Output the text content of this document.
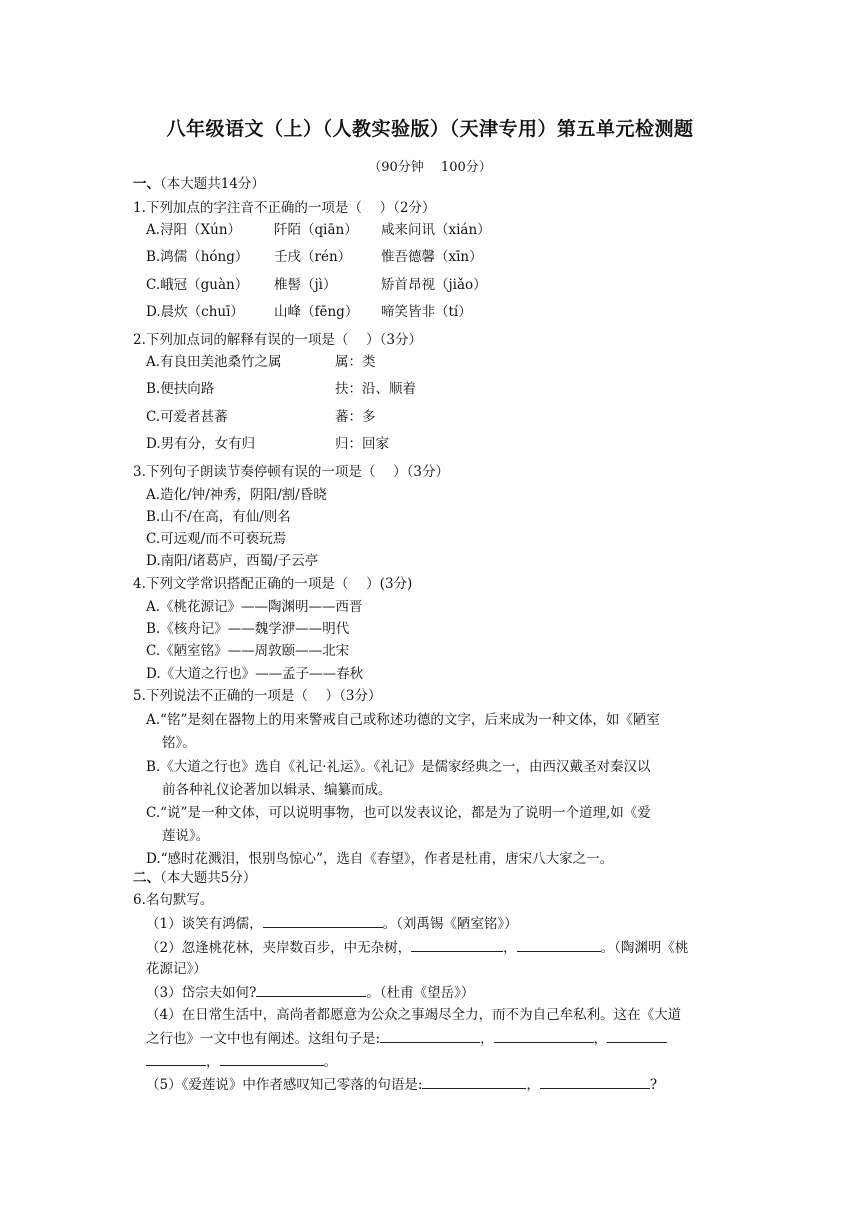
八年级语文（上）（人教实验版）（天津专用）第五单元检测题
（90分钟　 100分）
一、（本大题共14分）
1.下列加点的字注音不正确的一项是（　 ）（2分）
A.浔阳（Xún） 阡陌（qiān） 咸来问讯（xián）
B.鸿儒（hóng） 壬戌（rén） 惟吾德馨（xīn）
C.峨冠（guàn） 椎髻（jì）	矫首昂视（jiǎo）
D.晨炊（chuī） 山峰（fēng） 啼笑皆非（tí）
2.下列加点词的解释有误的一项是（　 ）（3分）
A.有良田美池桑竹之属	属：类
B.便扶向路	扶：沿、顺着
C.可爱者甚蕃	蕃：多
D.男有分，女有归	归：回家
3.下列句子朗读节奏停顿有误的一项是（　 ）（3分）
A.造化/钟/神秀，阴阳/割/昏晓
B.山不/在高，有仙/则名
C.可远观/而不可亵玩焉
D.南阳/诸葛庐，西蜀/子云亭
4.下列文学常识搭配正确的一项是（　 ）(3分)
A.《桃花源记》——陶渊明——西晋
B.《核舟记》——魏学洢——明代
C.《陋室铭》——周敦颐——北宋
D.《大道之行也》——孟子——春秋
5.下列说法不正确的一项是（　 ）（3分）
A.“铭”是刻在器物上的用来警戒自己或称述功德的文字，后来成为一种文体，如《陋室
铭》。
B.《大道之行也》选自《礼记·礼运》。《礼记》是儒家经典之一，由西汉戴圣对秦汉以
前各种礼仪论著加以辑录、编纂而成。
C.“说”是一种文体，可以说明事物，也可以发表议论，都是为了说明一个道理,如《爱
莲说》。
D.“感时花溅泪，恨别鸟惊心”，选自《春望》，作者是杜甫，唐宋八大家之一。
二、（本大题共5分）
6.名句默写。
（1）谈笑有鸿儒，	。（刘禹锡《陋室铭》）
（2）忽逢桃花林，夹岸数百步，中无杂树，	，	。（陶渊明《桃
花源记》）
（3）岱宗夫如何?	。（杜甫《望岳》）
（4）在日常生活中，高尚者都愿意为公众之事竭尽全力，而不为自己牟私利。这在《大道
之行也》一文中也有阐述。这组句子是:	，	，
，	。
（5）《爱莲说》中作者感叹知己零落的句语是:	，	?
